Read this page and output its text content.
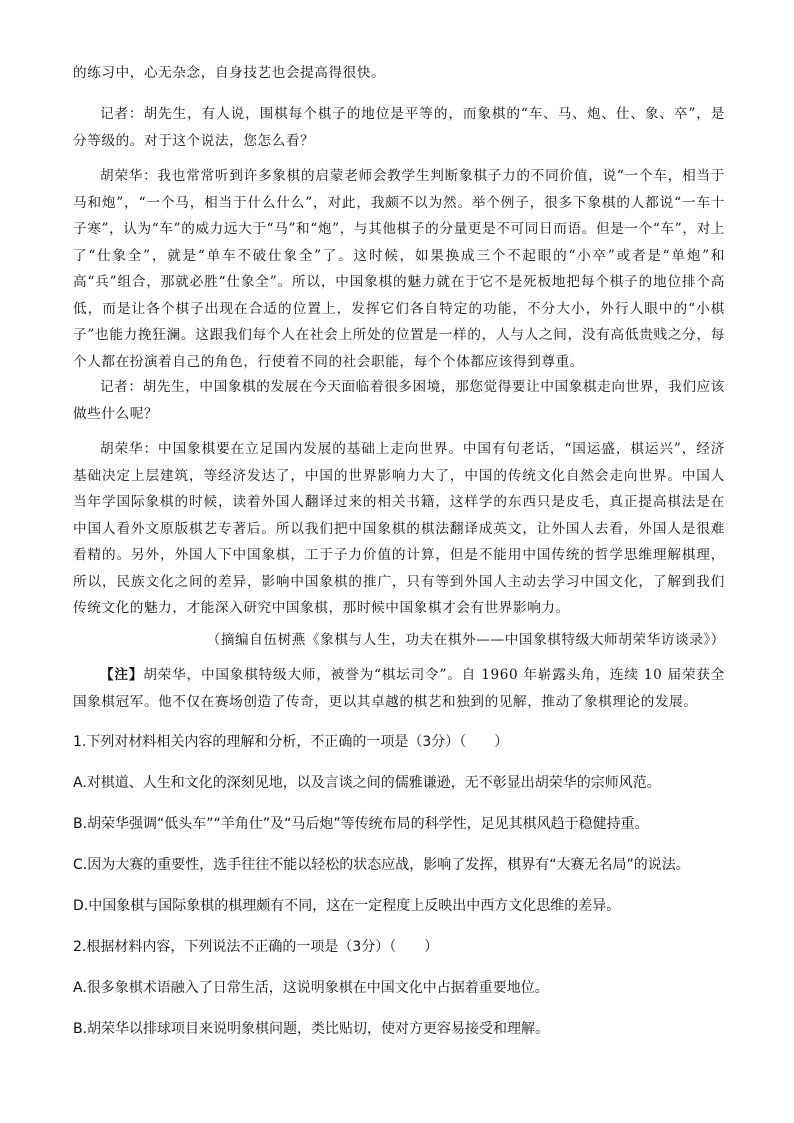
的练习中，心无杂念，自身技艺也会提高得很快。

记者：胡先生，有人说，围棋每个棋子的地位是平等的，而象棋的“车、马、炮、仕、象、卒”，是分等级的。对于这个说法，您怎么看？

胡荣华：我也常常听到许多象棋的启蒙老师会教学生判断象棋子力的不同价值，说“一个车，相当于马和炮”，“一个马，相当于什么什么”，对此，我颇不以为然。举个例子，很多下象棋的人都说“一车十子寒”，认为“车”的威力远大于“马”和“炮”，与其他棋子的分量更是不可同日而语。但是一个“车”，对上了“仕象全”，就是“单车不破仕象全”了。这时候，如果换成三个不起眼的“小卒”或者是“单炮”和高“兵”组合，那就必胜“仕象全”。所以，中国象棋的魅力就在于它不是死板地把每个棋子的地位排个高低，而是让各个棋子出现在合适的位置上，发挥它们各自特定的功能，不分大小，外行人眼中的“小棋子”也能力挽狂澜。这跟我们每个人在社会上所处的位置是一样的，人与人之间，没有高低贵贱之分，每个人都在扮演着自己的角色，行使着不同的社会职能，每个个体都应该得到尊重。

记者：胡先生，中国象棋的发展在今天面临着很多困境，那您觉得要让中国象棋走向世界，我们应该做些什么呢？

胡荣华：中国象棋要在立足国内发展的基础上走向世界。中国有句老话，“国运盛，棋运兴”，经济基础决定上层建筑，等经济发达了，中国的世界影响力大了，中国的传统文化自然会走向世界。中国人当年学国际象棋的时候，读着外国人翻译过来的相关书籍，这样学的东西只是皮毛，真正提高棋法是在中国人看外文原版棋艺专著后。所以我们把中国象棋的棋法翻译成英文，让外国人去看，外国人是很难看精的。另外，外国人下中国象棋，工于子力价值的计算，但是不能用中国传统的哲学思维理解棋理，所以，民族文化之间的差异，影响中国象棋的推广，只有等到外国人主动去学习中国文化，了解到我们传统文化的魅力，才能深入研究中国象棋，那时候中国象棋才会有世界影响力。

（摘编自伍树燕《象棋与人生，功夫在棋外——中国象棋特级大师胡荣华访谈录》）

【注】胡荣华，中国象棋特级大师，被誉为“棋坛司令”。自 1960 年崭露头角，连续 10 届荣获全国象棋冠军。他不仅在赛场创造了传奇，更以其卓越的棋艺和独到的见解，推动了象棋理论的发展。

1.下列对材料相关内容的理解和分析，不正确的一项是（3分）（　　）

A.对棋道、人生和文化的深刻见地，以及言谈之间的儒雅谦逊，无不彰显出胡荣华的宗师风范。

B.胡荣华强调“低头车”“羊角仕”及“马后炮”等传统布局的科学性，足见其棋风趋于稳健持重。

C.因为大赛的重要性，选手往往不能以轻松的状态应战，影响了发挥，棋界有“大赛无名局”的说法。

D.中国象棋与国际象棋的棋理颇有不同，这在一定程度上反映出中西方文化思维的差异。

2.根据材料内容，下列说法不正确的一项是（3分）（　　）

A.很多象棋术语融入了日常生活，这说明象棋在中国文化中占据着重要地位。

B.胡荣华以排球项目来说明象棋问题，类比贴切，使对方更容易接受和理解。
